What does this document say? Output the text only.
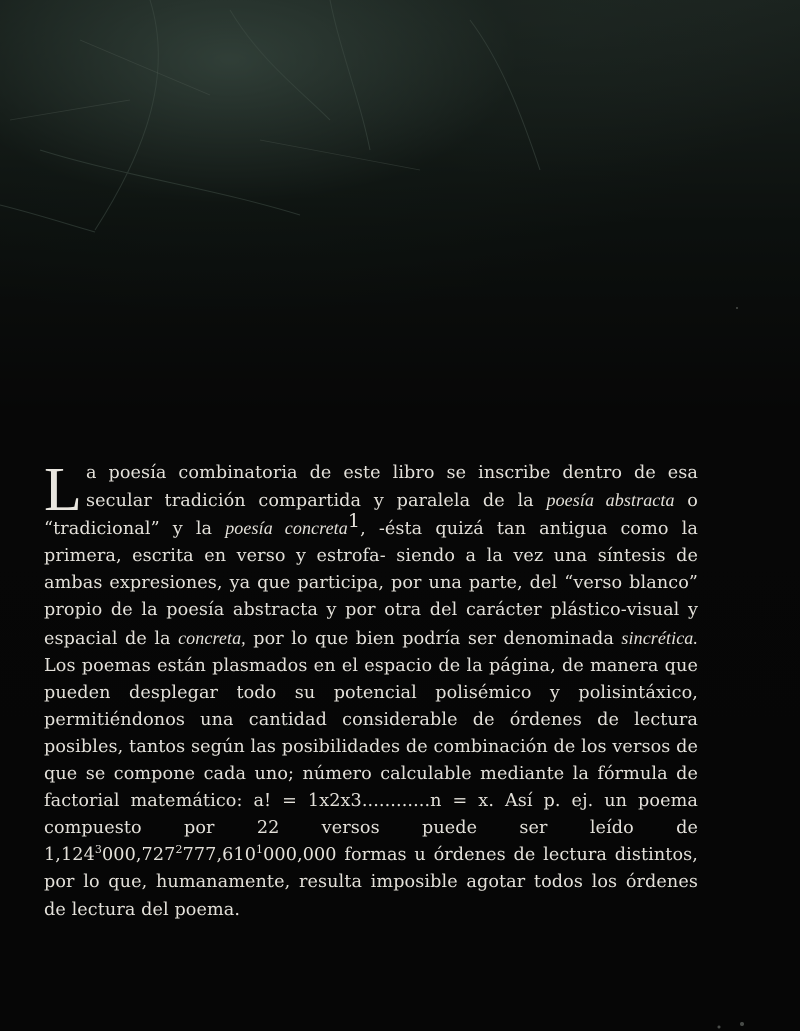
La poesía combinatoria de este libro se inscribe dentro de esa secular tradición compartida y paralela de la poesía abstracta o “tradicional” y la poesía concreta1, -ésta quizá tan antigua como la primera, escrita en verso y estrofa- siendo a la vez una síntesis de ambas expresiones, ya que participa, por una parte, del “verso blanco” propio de la poesía abstracta y por otra del carácter plástico-visual y espacial de la concreta, por lo que bien podría ser denominada sincrética. Los poemas están plasmados en el espacio de la página, de manera que pueden desplegar todo su potencial polisémico y polisintáxico, permitiéndonos una cantidad considerable de órdenes de lectura posibles, tantos según las posibilidades de combinación de los versos de que se compone cada uno; número calculable mediante la fórmula de factorial matemático: a! = 1x2x3............n = x. Así p. ej. un poema compuesto por 22 versos puede ser leído de 1,124$^3$000,727$^2$777,610$^1$000,000 formas u órdenes de lectura distintos, por lo que, humanamente, resulta imposible agotar todos los órdenes de lectura del poema.
